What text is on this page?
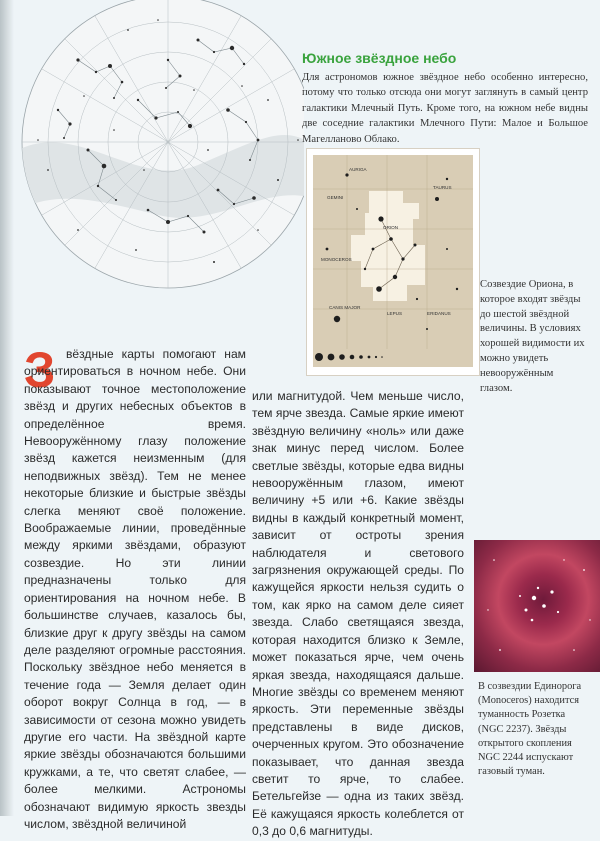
Южное звёздное небо

Для астрономов южное звёздное небо особенно интересно, потому что только отсюда они могут заглянуть в самый центр галактики Млечный Путь. Кроме того, на южном небе видны две соседние галактики Млечного Пути: Малое и Большое Магелланово Облако.

AURIGA
TAURUS
GEMINI
ORION
MONOCEROS
CANIS MAJOR
LEPUS	ERIDANUS

Созвездие Ориона, в которое входят звёзды до шестой звёздной величины. В условиях хорошей видимости их можно увидеть невооружённым глазом.

З вёздные карты помогают нам ориентироваться в ночном небе. Они показывают точное местоположение звёзд и других небесных объектов в определённое время. Невооружённому глазу положение звёзд кажется неизменным (для неподвижных звёзд). Тем не менее некоторые близкие и быстрые звёзды слегка меняют своё положение. Воображаемые линии, проведённые между яркими звёздами, образуют созвездие. Но эти линии предназначены только для ориентирования на ночном небе. В большинстве случаев, казалось бы, близкие друг к другу звёзды на самом деле разделяют огромные расстояния. Поскольку звёздное небо меняется в течение года — Земля делает один оборот вокруг Солнца в год, — в зависимости от сезона можно увидеть другие его части. На звёздной карте яркие звёзды обозначаются большими кружками, а те, что светят слабее, — более мелкими. Астрономы обозначают видимую яркость звезды числом, звёздной величиной

или магнитудой. Чем меньше число, тем ярче звезда. Самые яркие имеют звёздную величину «ноль» или даже знак минус перед числом. Более светлые звёзды, которые едва видны невооружённым глазом, имеют величину +5 или +6. Какие звёзды видны в каждый конкретный момент, зависит от остроты зрения наблюдателя и светового загрязнения окружающей среды. По кажущейся яркости нельзя судить о том, как ярко на самом деле сияет звезда. Слабо светящаяся звезда, которая находится близко к Земле, может показаться ярче, чем очень яркая звезда, находящаяся дальше. Многие звёзды со временем меняют яркость. Эти переменные звёзды представлены в виде дисков, очерченных кругом. Это обозначение показывает, что данная звезда светит то ярче, то слабее. Бетельгейзе — одна из таких звёзд. Её кажущаяся яркость колеблется от 0,3 до 0,6 магнитуды.

В созвездии Единорога (Monoceros) находится туманность Розетка (NGC 2237). Звёзды открытого скопления NGC 2244 испускают газовый туман.
